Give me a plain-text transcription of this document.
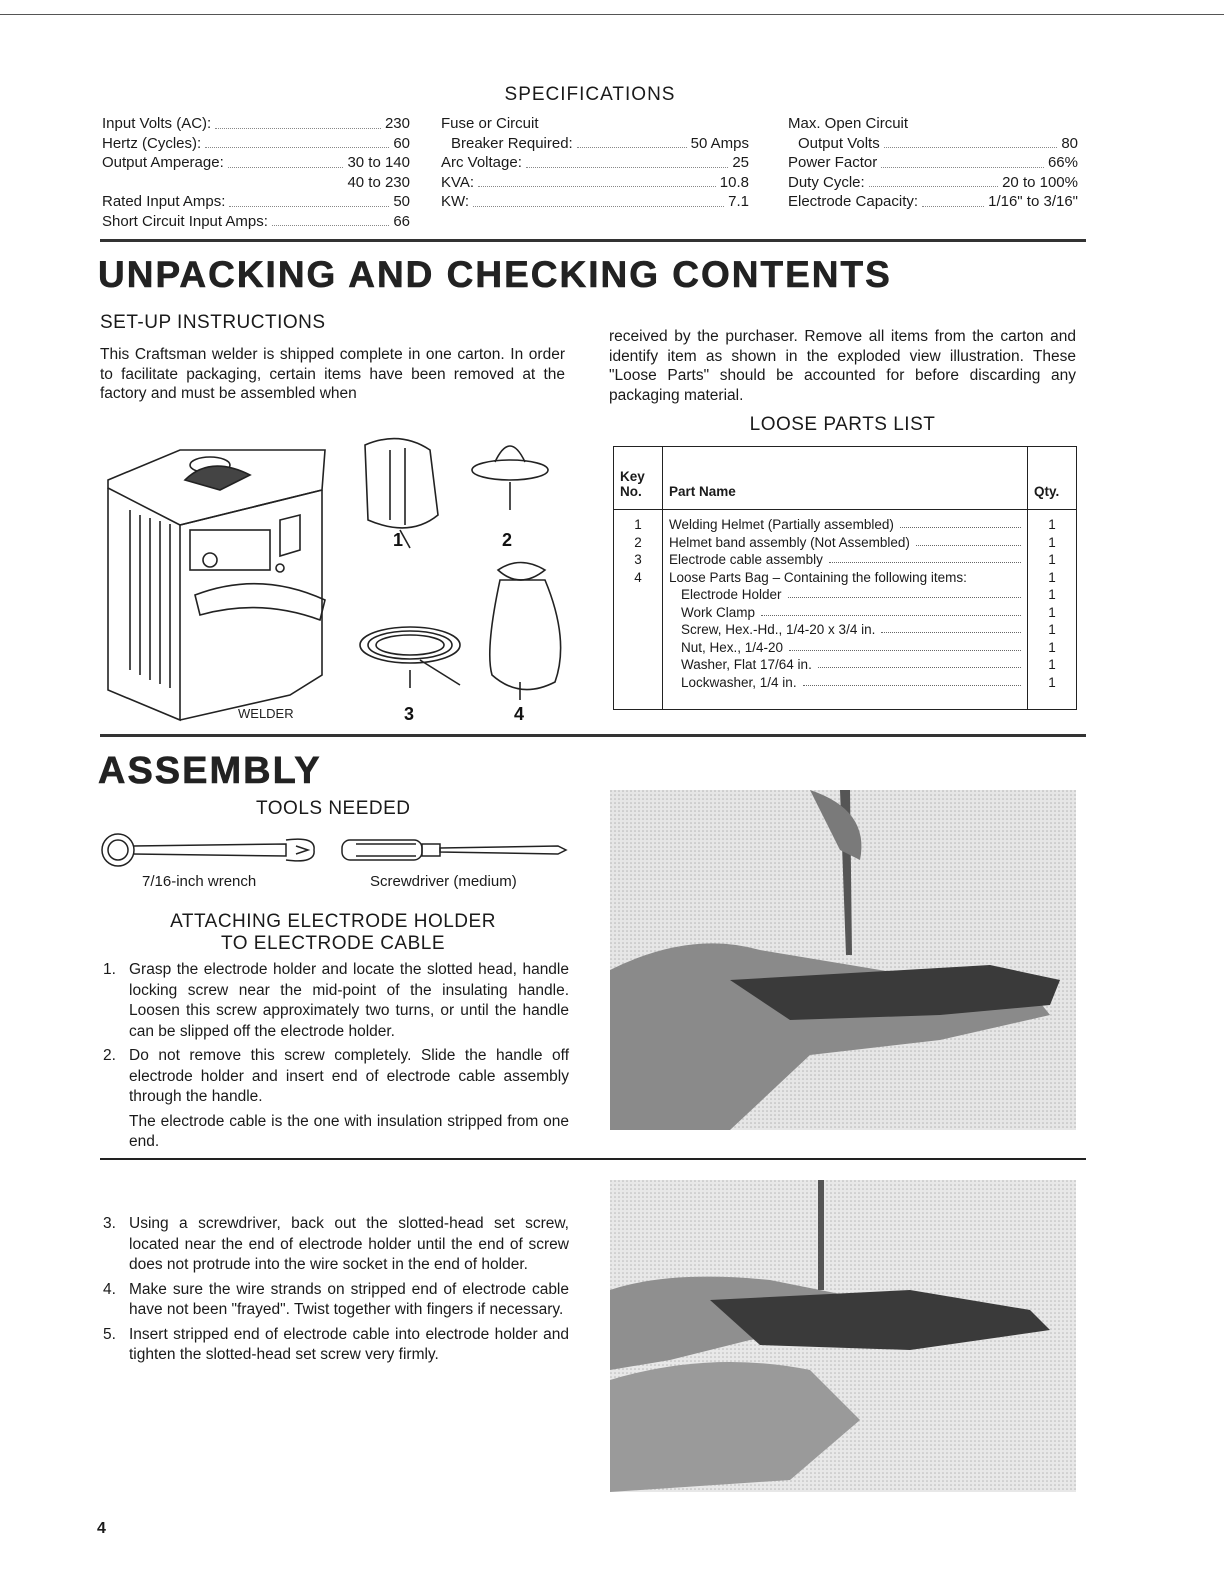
SPECIFICATIONS
Input Volts (AC):	230
Hertz (Cycles):	60
Output Amperage:	30 to 140
40 to 230
Rated Input Amps:	50
Short Circuit Input Amps:	66
Fuse or Circuit
Breaker Required:	50 Amps
Arc Voltage:	25
KVA:	10.8
KW:	7.1
Max. Open Circuit
Output Volts	80
Power Factor	66%
Duty Cycle:	20 to 100%
Electrode Capacity:	1/16" to 3/16"
UNPACKING AND CHECKING CONTENTS
SET-UP INSTRUCTIONS
This Craftsman welder is shipped complete in one carton. In order to facilitate packaging, certain items have been removed at the factory and must be assembled when
received by the purchaser. Remove all items from the carton and identify item as shown in the exploded view illustration. These "Loose Parts" should be accounted for before discarding any packaging material.
LOOSE PARTS LIST
1	2
3	4
WELDER
Key
No.	Part Name	Qty.
1	Welding Helmet (Partially assembled)	1
2	Helmet band assembly (Not Assembled)	1
3	Electrode cable assembly	1
4	Loose Parts Bag – Containing the following items:	1

	Electrode Holder	1

	Work Clamp	1

	Screw, Hex.-Hd., 1/4-20 x 3/4 in.	1

	Nut, Hex., 1/4-20	1

	Washer, Flat 17/64 in.	1

	Lockwasher, 1/4 in.	1

ASSEMBLY
TOOLS NEEDED
7/16-inch wrench	Screwdriver (medium)
ATTACHING ELECTRODE HOLDER
TO ELECTRODE CABLE
1. Grasp the electrode holder and locate the slotted head, handle locking screw near the mid-point of the insulating handle. Loosen this screw approximately two turns, or until the handle can be slipped off the electrode holder.
2. Do not remove this screw completely. Slide the handle off electrode holder and insert end of electrode cable assembly through the handle.
The electrode cable is the one with insulation stripped from one end.
3. Using a screwdriver, back out the slotted-head set screw, located near the end of electrode holder until the end of screw does not protrude into the wire socket in the end of holder.
4. Make sure the wire strands on stripped end of electrode cable have not been "frayed". Twist together with fingers if necessary.
5. Insert stripped end of electrode cable into electrode holder and tighten the slotted-head set screw very firmly.
4
